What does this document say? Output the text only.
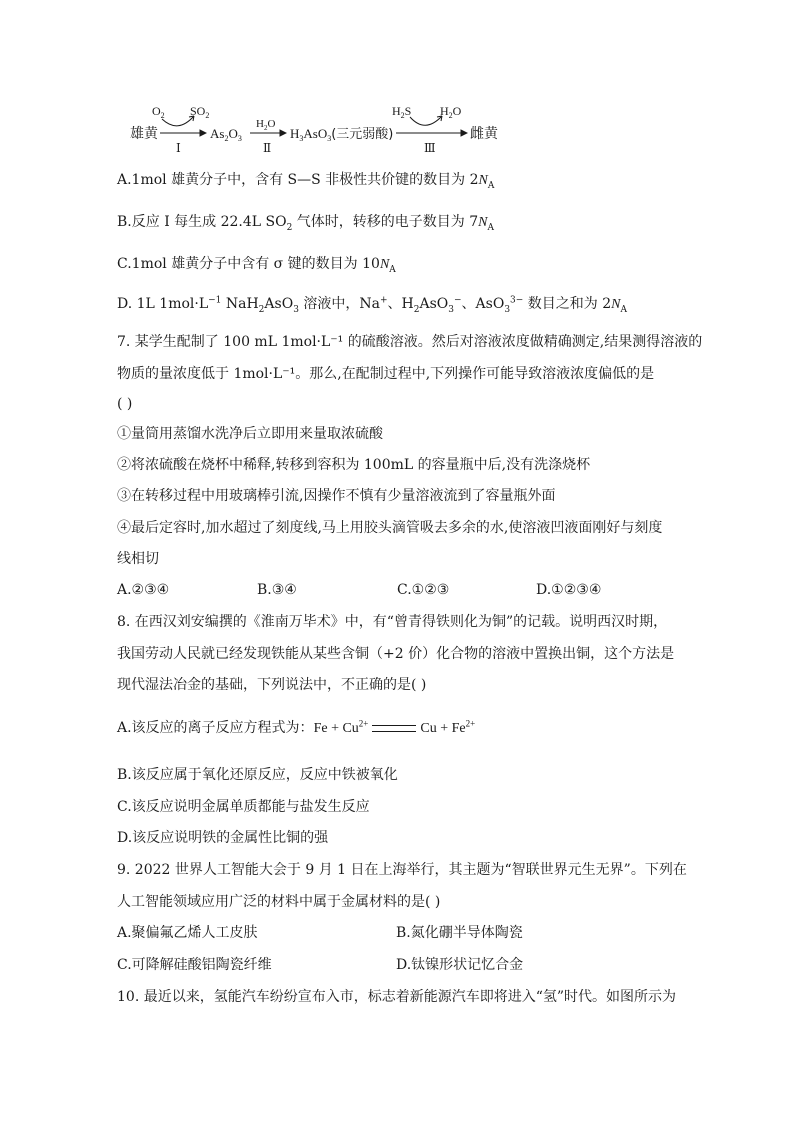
雄黄
$O_2$ $SO_2$
Ⅰ
$As_2O_3$
$H_2O$
Ⅱ
$H_3AsO_3$(三元弱酸)
$H_2S$ $H_2O$
Ⅲ
雌黄
A.1mol 雄黄分子中，含有 S—S 非极性共价键的数目为 $2N_A$
B.反应 Ⅰ 每生成 22.4L $SO_2$ 气体时，转移的电子数目为 $7N_A$
C.1mol 雄黄分子中含有 σ 键的数目为 $10N_A$
D. 1L $1mol\cdot L^{-1}$ NaH$_2$AsO$_3$ 溶液中，Na+、$H_2AsO_3^-$、AsO$_3^{3-}$ 数目之和为 $2N_A$
7. 某学生配制了 100 mL 1mol·L⁻¹ 的硫酸溶液。然后对溶液浓度做精确测定,结果测得溶液的
物质的量浓度低于 1mol·L⁻¹。那么,在配制过程中,下列操作可能导致溶液浓度偏低的是
( )
①量筒用蒸馏水洗净后立即用来量取浓硫酸
②将浓硫酸在烧杯中稀释,转移到容积为 100mL 的容量瓶中后,没有洗涤烧杯
③在转移过程中用玻璃棒引流,因操作不慎有少量溶液流到了容量瓶外面
④最后定容时,加水超过了刻度线,马上用胶头滴管吸去多余的水,使溶液凹液面刚好与刻度
线相切
A.②③④	B.③④	C.①②③	D.①②③④
8. 在西汉刘安编撰的《淮南万毕术》中，有“曾青得铁则化为铜”的记载。说明西汉时期，
我国劳动人民就已经发现铁能从某些含铜（+2 价）化合物的溶液中置换出铜，这个方法是
现代湿法冶金的基础，下列说法中，不正确的是( )
A.该反应的离子反应方程式为：$Fe + Cu^{2+}$	$Cu + Fe^{2+}$
B.该反应属于氧化还原反应，反应中铁被氧化
C.该反应说明金属单质都能与盐发生反应
D.该反应说明铁的金属性比铜的强
9. 2022 世界人工智能大会于 9 月 1 日在上海举行，其主题为“智联世界元生无界”。下列在
人工智能领域应用广泛的材料中属于金属材料的是( )
A.聚偏氟乙烯人工皮肤	B.氮化硼半导体陶瓷
C.可降解硅酸铝陶瓷纤维	D.钛镍形状记忆合金
10. 最近以来，氢能汽车纷纷宣布入市，标志着新能源汽车即将进入“氢”时代。如图所示为
